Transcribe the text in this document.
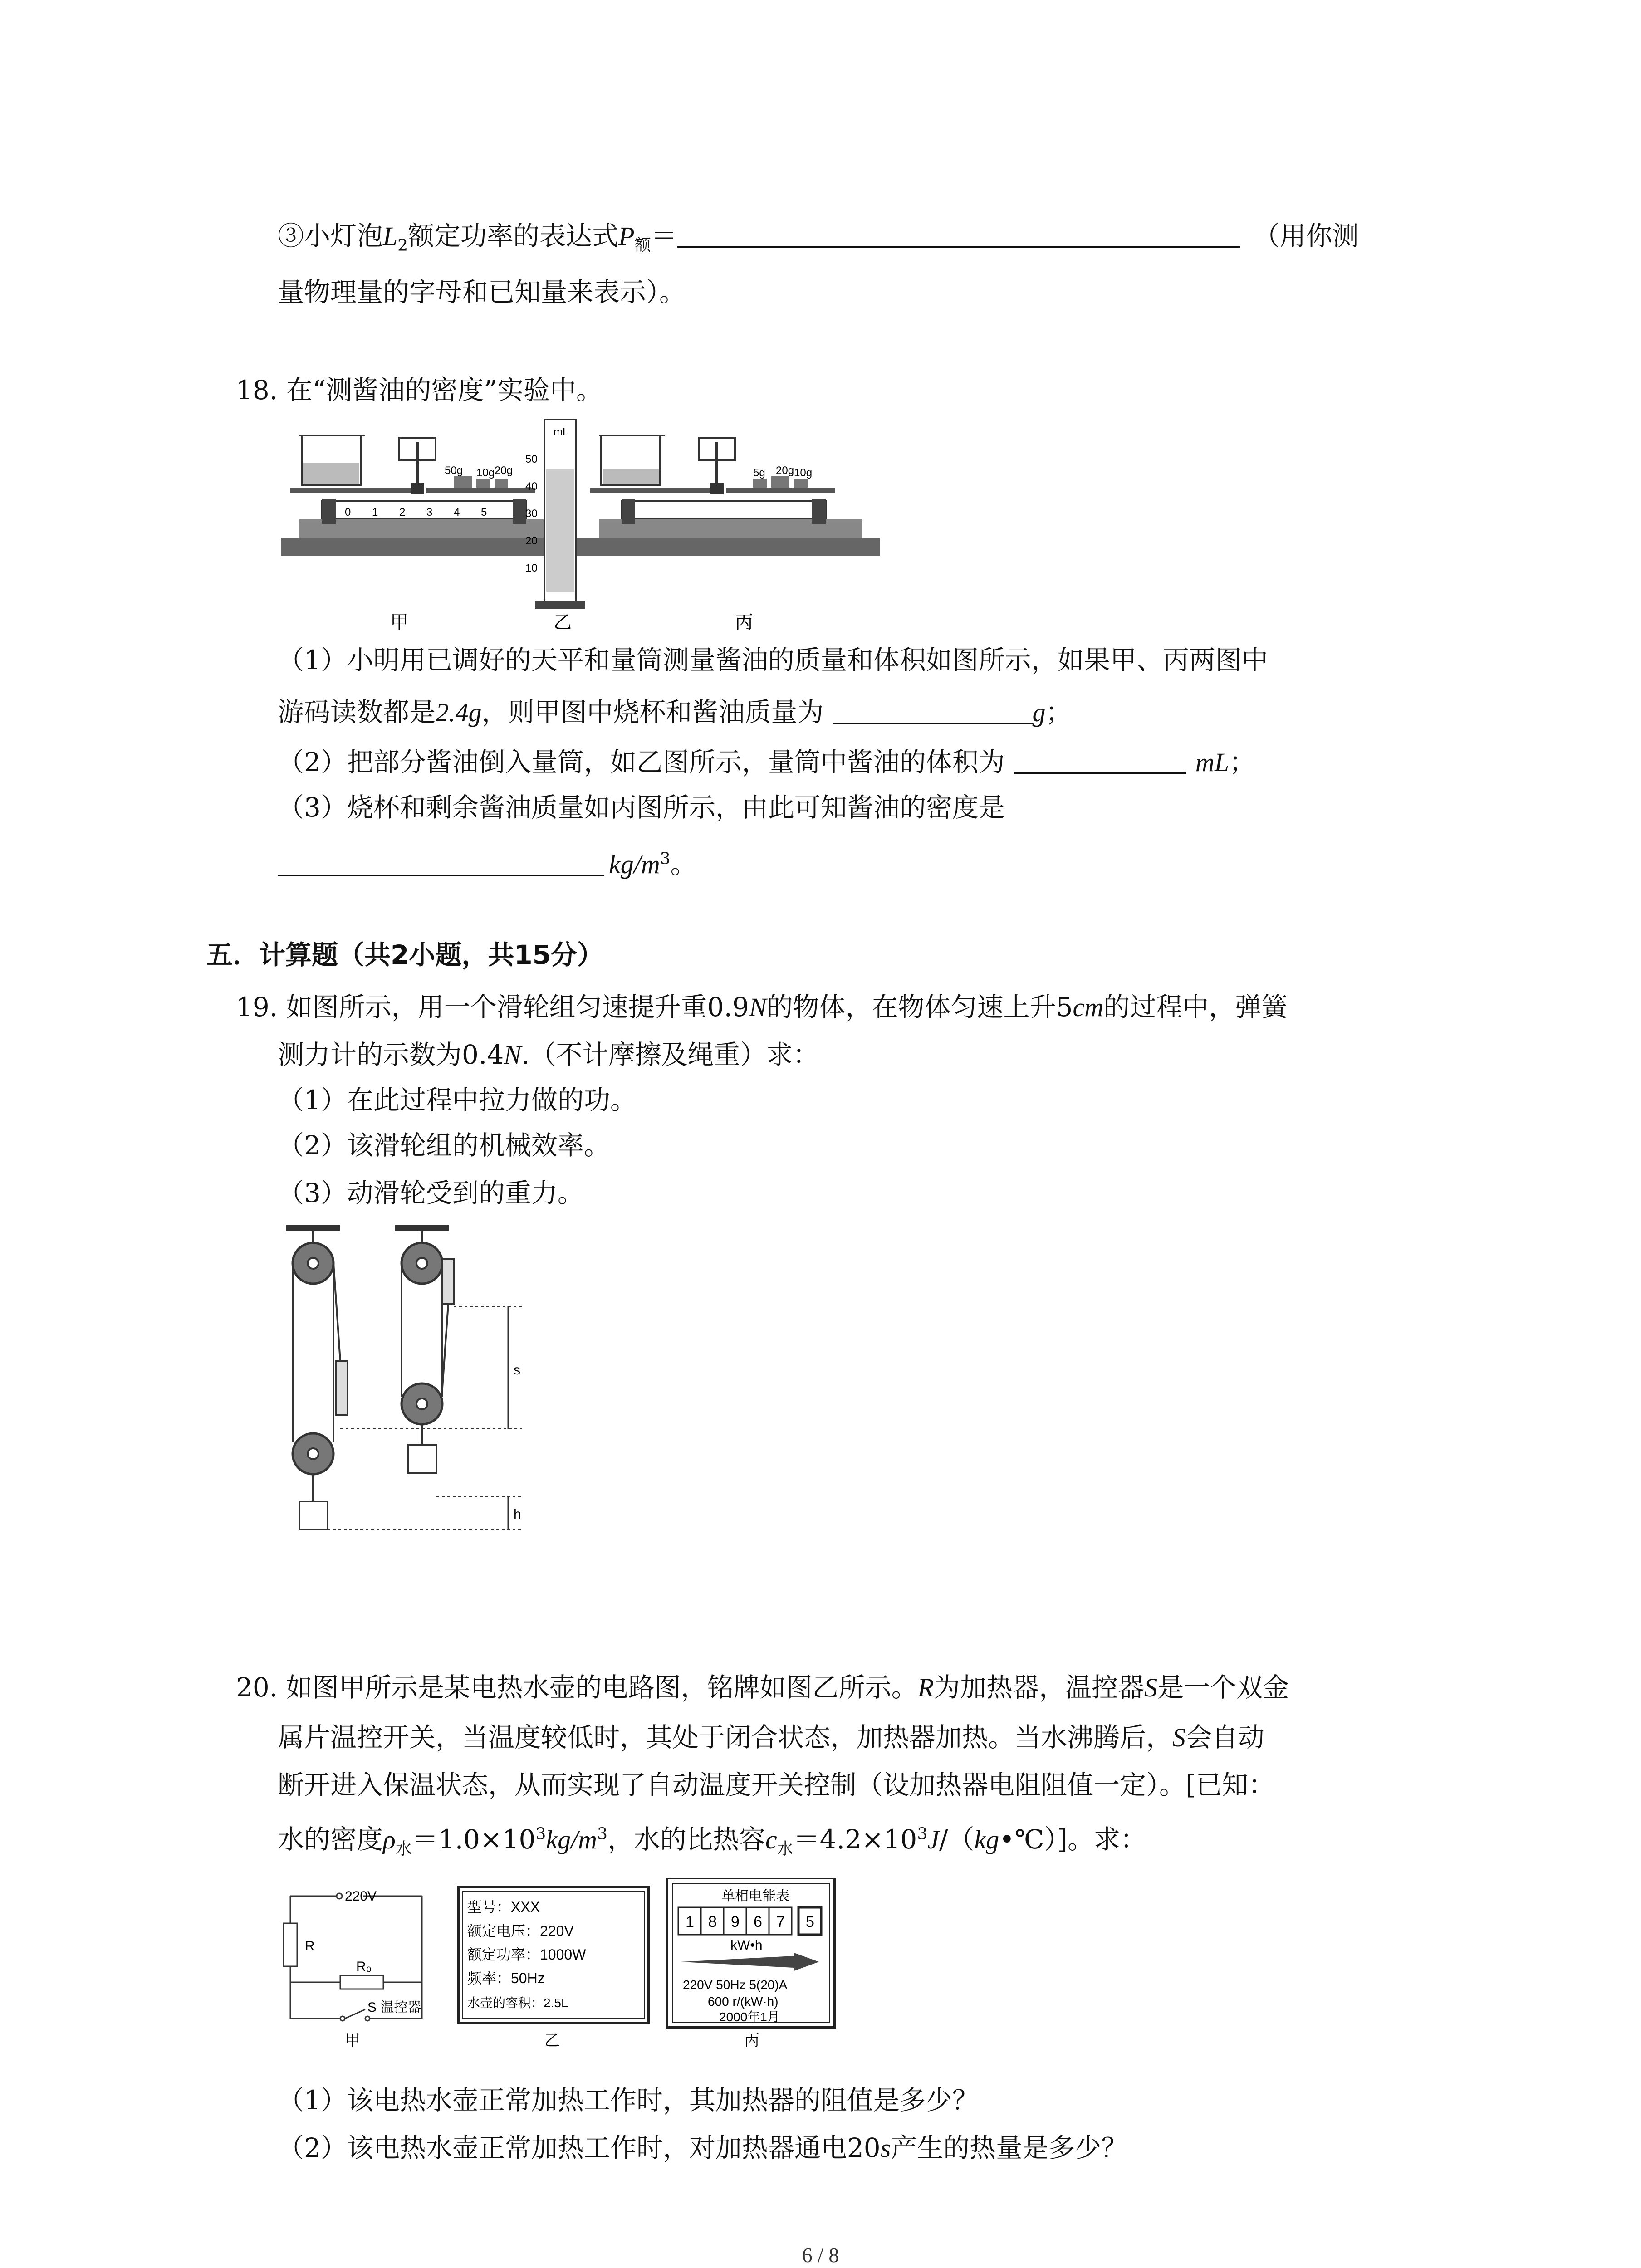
③小灯泡$L_2$额定功率的表达式$P_额=$	（用你测
量物理量的字母和已知量来表示）。
18. 在“测酱油的密度”实验中。
50g 10g 20g
0 1 2 3 4 5
甲
mL
50
40
30
20
10
乙
20g
5g	10g
丙
（1）小明用已调好的天平和量筒测量酱油的质量和体积如图所示，如果甲、丙两图中
游码读数都是2.4g，则甲图中烧杯和酱油质量为	g；
（2）把部分酱油倒入量筒，如乙图所示，量筒中酱油的体积为	mL；
（3）烧杯和剩余酱油质量如丙图所示，由此可知酱油的密度是
$kg/m^3$。
五．计算题（共2小题，共15分）
19. 如图所示，用一个滑轮组匀速提升重0.9N的物体，在物体匀速上升5cm的过程中，弹簧
测力计的示数为0.4N.（不计摩擦及绳重）求：
（1）在此过程中拉力做的功。
（2）该滑轮组的机械效率。
（3）动滑轮受到的重力。
s
h
20. 如图甲所示是某电热水壶的电路图，铭牌如图乙所示。R为加热器，温控器S是一个双金
属片温控开关，当温度较低时，其处于闭合状态，加热器加热。当水沸腾后，S会自动
断开进入保温状态，从而实现了自动温度开关控制（设加热器电阻阻值一定）。[已知：
水的密度$\rho_水=1.0\times 10^3kg/m^3$，水的比热容$c_水=4.2\times 10^3J/(kg•℃)$]。求：
220V
R
R₀
S 温控器
甲
型号：XXX
额定电压：220V
额定功率：1000W
频率：50Hz
水壶的容积：2.5L
乙
单相电能表
1 8 9 6 7 5
kW•h
220V 50Hz 5(20)A
600 r/(kW·h)
2000年1月
丙
（1）该电热水壶正常加热工作时，其加热器的阻值是多少？
（2）该电热水壶正常加热工作时，对加热器通电20s产生的热量是多少？
6 / 8
